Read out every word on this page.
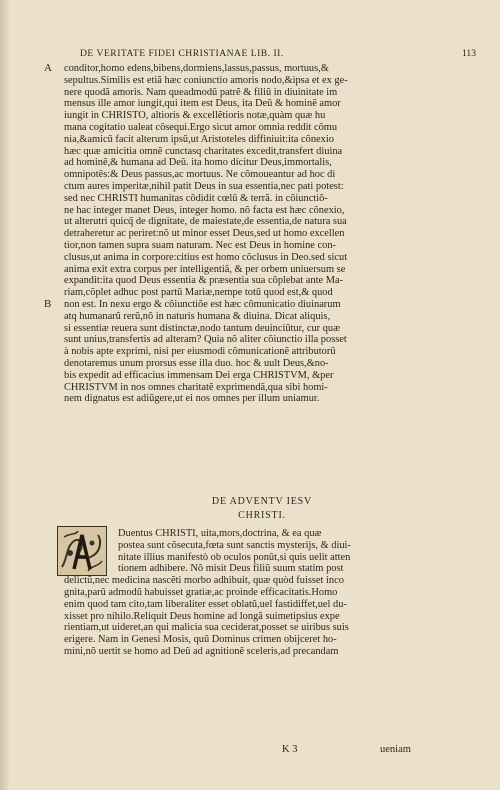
DE VERITATE FIDEI CHRISTIANAE LIB. II.	113
A conditor,homo edens,bibens,dormiens,lassus,passus, mortuus,&
sepultus.Similis est etiã hæc coniunctio amoris nodo,&ipsa et ex ge-
nere quodã amoris. Nam queadmodũ patrẽ & filiũ in diuinitate im
mensus ille amor iungit,qui item est Deus, ita Deũ & hominẽ amor
iungit in CHRISTO, altioris & excellẽtioris notæ,quàm quæ hu
mana cogitatio ualeat cõsequi.Ergo sicut amor omnia reddit cõmu
nia,&amicũ facit alterum ipsũ,ut Aristoteles diffiniuit:ita cõnexio
hæc quæ amicitia omnẽ cunctasq charitates excedit,transfert diuina
ad hominẽ,& humana ad Deũ. ita homo dicitur Deus,immortalis,
omnipotẽs:& Deus passus,ac mortuus. Ne cõmoueantur ad hoc di
ctum aures imperitæ,nihil patit Deus in sua essentia,nec pati potest:
sed nec CHRISTI humanitas cõdidit cœlũ & terrã. in cõiunctiõ-
ne hac integer manet Deus, integer homo. nõ facta est hæc cõnexio,
ut alterutri quicq̃ de dignitate, de maiestate,de essentia,de natura sua
detraheretur ac periret:nõ ut minor esset Deus,sed ut homo excellen
tior,non tamen supra suam naturam. Nec est Deus in homine con-
clusus,ut anima in corpore:citius est homo cõclusus in Deo.sed sicut
anima exit extra corpus per intelligentiã, & per orbem uniuersum se
expandit:ita quod Deus essentia & præsentia sua cõplebat ante Ma-
riam,cõplet adhuc post partũ Mariæ,nempe totũ quod est,& quod
B non est. In nexu ergo & cõiunctiõe est hæc cõmunicatio diuinarum
atq humanarũ rerũ,nõ in naturis humana & diuina. Dicat aliquis,
si essentiæ reuera sunt distinctæ,nodo tantum deuinciũtur, cur quæ
sunt unius,transfertis ad alteram? Quia nõ aliter cõiunctio illa posset
à nobis apte exprimi, nisi per eiusmodi cõmunicationẽ attributorũ
denotaremus unum prorsus esse illa duo. hoc & uult Deus,&no-
bis expedit ad efficacius immensam Dei erga CHRISTVM, &per
CHRISTVM in nos omnes charitatẽ exprimendã,qua sibi homi-
nem dignatus est adiũgere,ut ei nos omnes per illum uniamur.
DE ADVENTV IESV
CHRISTI.
A
Duentus CHRISTI, uita,mors,doctrina, & ea quæ
postea sunt cõsecuta,fœta sunt sanctis mysterijs, & diui-
nitate illius manifestò ob oculos ponũt,si quis uelit atten
tionem adhibere. Nõ misit Deus filiũ suum statim post
delictũ,nec medicina nascẽti morbo adhibuit, quæ quòd fuisset inco
gnita,parũ admodũ habuisset gratiæ,ac proinde efficacitatis.Homo
enim quod tam cito,tam liberaliter esset oblatũ,uel fastidiffet,uel du-
xisset pro nihilo.Reliquit Deus homine ad longã suimetipsius expe
rientiam,ut uideret,an qui malicia sua ceciderat,posset se uiribus suis
erigere. Nam in Genesi Mosis, quũ Dominus crimen obijceret ho-
mini,nõ uertit se homo ad Deũ ad agnitionẽ sceleris,ad precandam
K 3	ueniam
